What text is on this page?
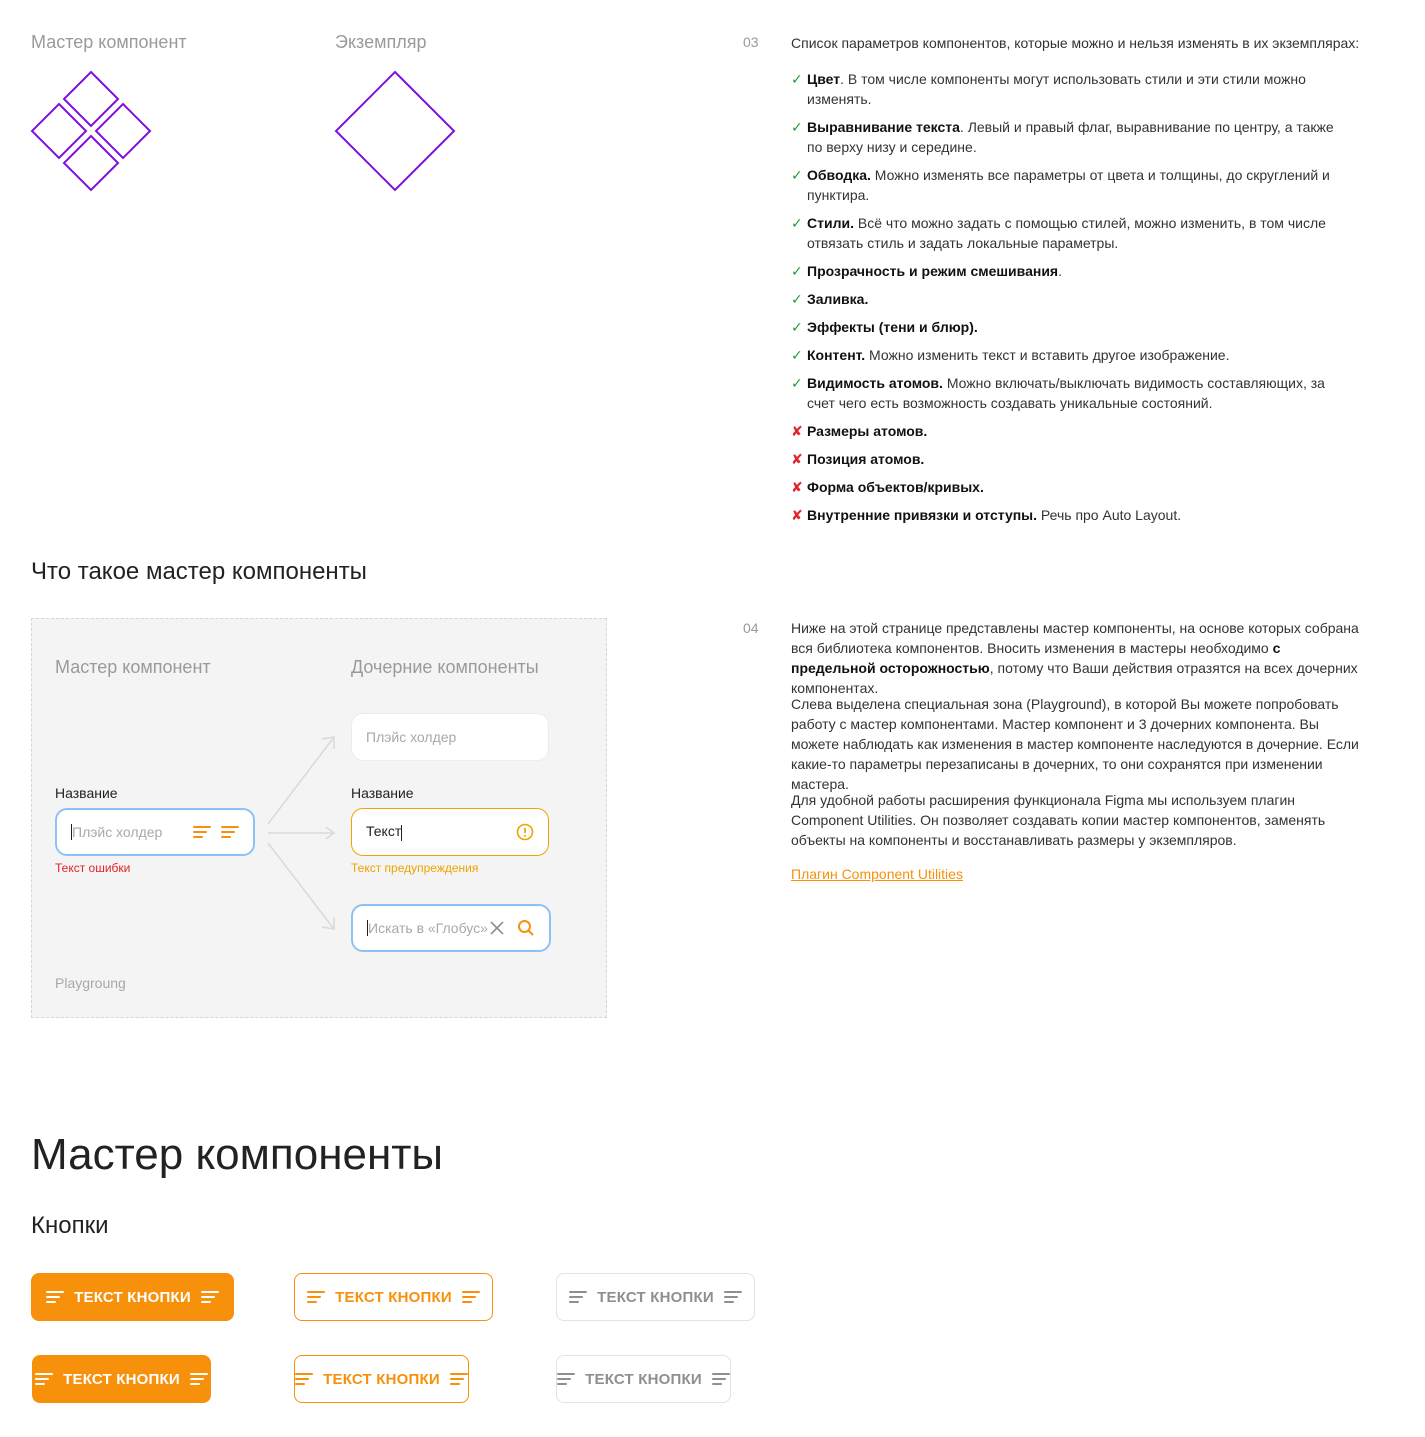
Мастер компонент	Экземпляр	03 Список параметров компонентов, которые можно и нельзя изменять в их экземплярах:
✓ Цвет. В том числе компоненты могут использовать стили и эти стили можно изменять.
✓ Выравнивание текста. Левый и правый флаг, выравнивание по центру, а также по верху низу и середине.
✓ Обводка. Можно изменять все параметры от цвета и толщины, до скруглений и пунктира.
✓ Стили. Всё что можно задать с помощью стилей, можно изменить, в том числе отвязать стиль и задать локальные параметры.
✓ Прозрачность и режим смешивания.
✓ Заливка.
✓ Эффекты (тени и блюр).
✓ Контент. Можно изменить текст и вставить другое изображение.
✓ Видимость атомов. Можно включать/выключать видимость составляющих, за счет чего есть возможность создавать уникальные состояний.
✘ Размеры атомов.
✘ Позиция атомов.
✘ Форма объектов/кривых.
✘ Внутренние привязки и отступы. Речь про Auto Layout.
Что такое мастер компоненты
Мастер компонент	Дочерние компоненты
Название
Плэйс холдер
Текст ошибки
Плэйс холдер
Название
Текст
Текст предупреждения
Искать в «Глобус»
Playgroung
04 Ниже на этой странице представлены мастер компоненты, на основе которых собрана вся библиотека компонентов. Вносить изменения в мастеры необходимо с предельной осторожностью, потому что Ваши действия отразятся на всех дочерних компонентах.
Слева выделена специальная зона (Playground), в которой Вы можете попробовать работу с мастер компонентами. Мастер компонент и 3 дочерних компонента. Вы можете наблюдать как изменения в мастер компоненте наследуются в дочерние. Если какие-то параметры перезаписаны в дочерних, то они сохранятся при изменении мастера.
Для удобной работы расширения функционала Figma мы используем плагин Component Utilities. Он позволяет создавать копии мастер компонентов, заменять объекты на компоненты и восстанавливать размеры у экземпляров.
Плагин Component Utilities
Мастер компоненты
Кнопки
ТЕКСТ КНОПКИ	ТЕКСТ КНОПКИ	ТЕКСТ КНОПКИ
ТЕКСТ КНОПКИ	ТЕКСТ КНОПКИ	ТЕКСТ КНОПКИ
